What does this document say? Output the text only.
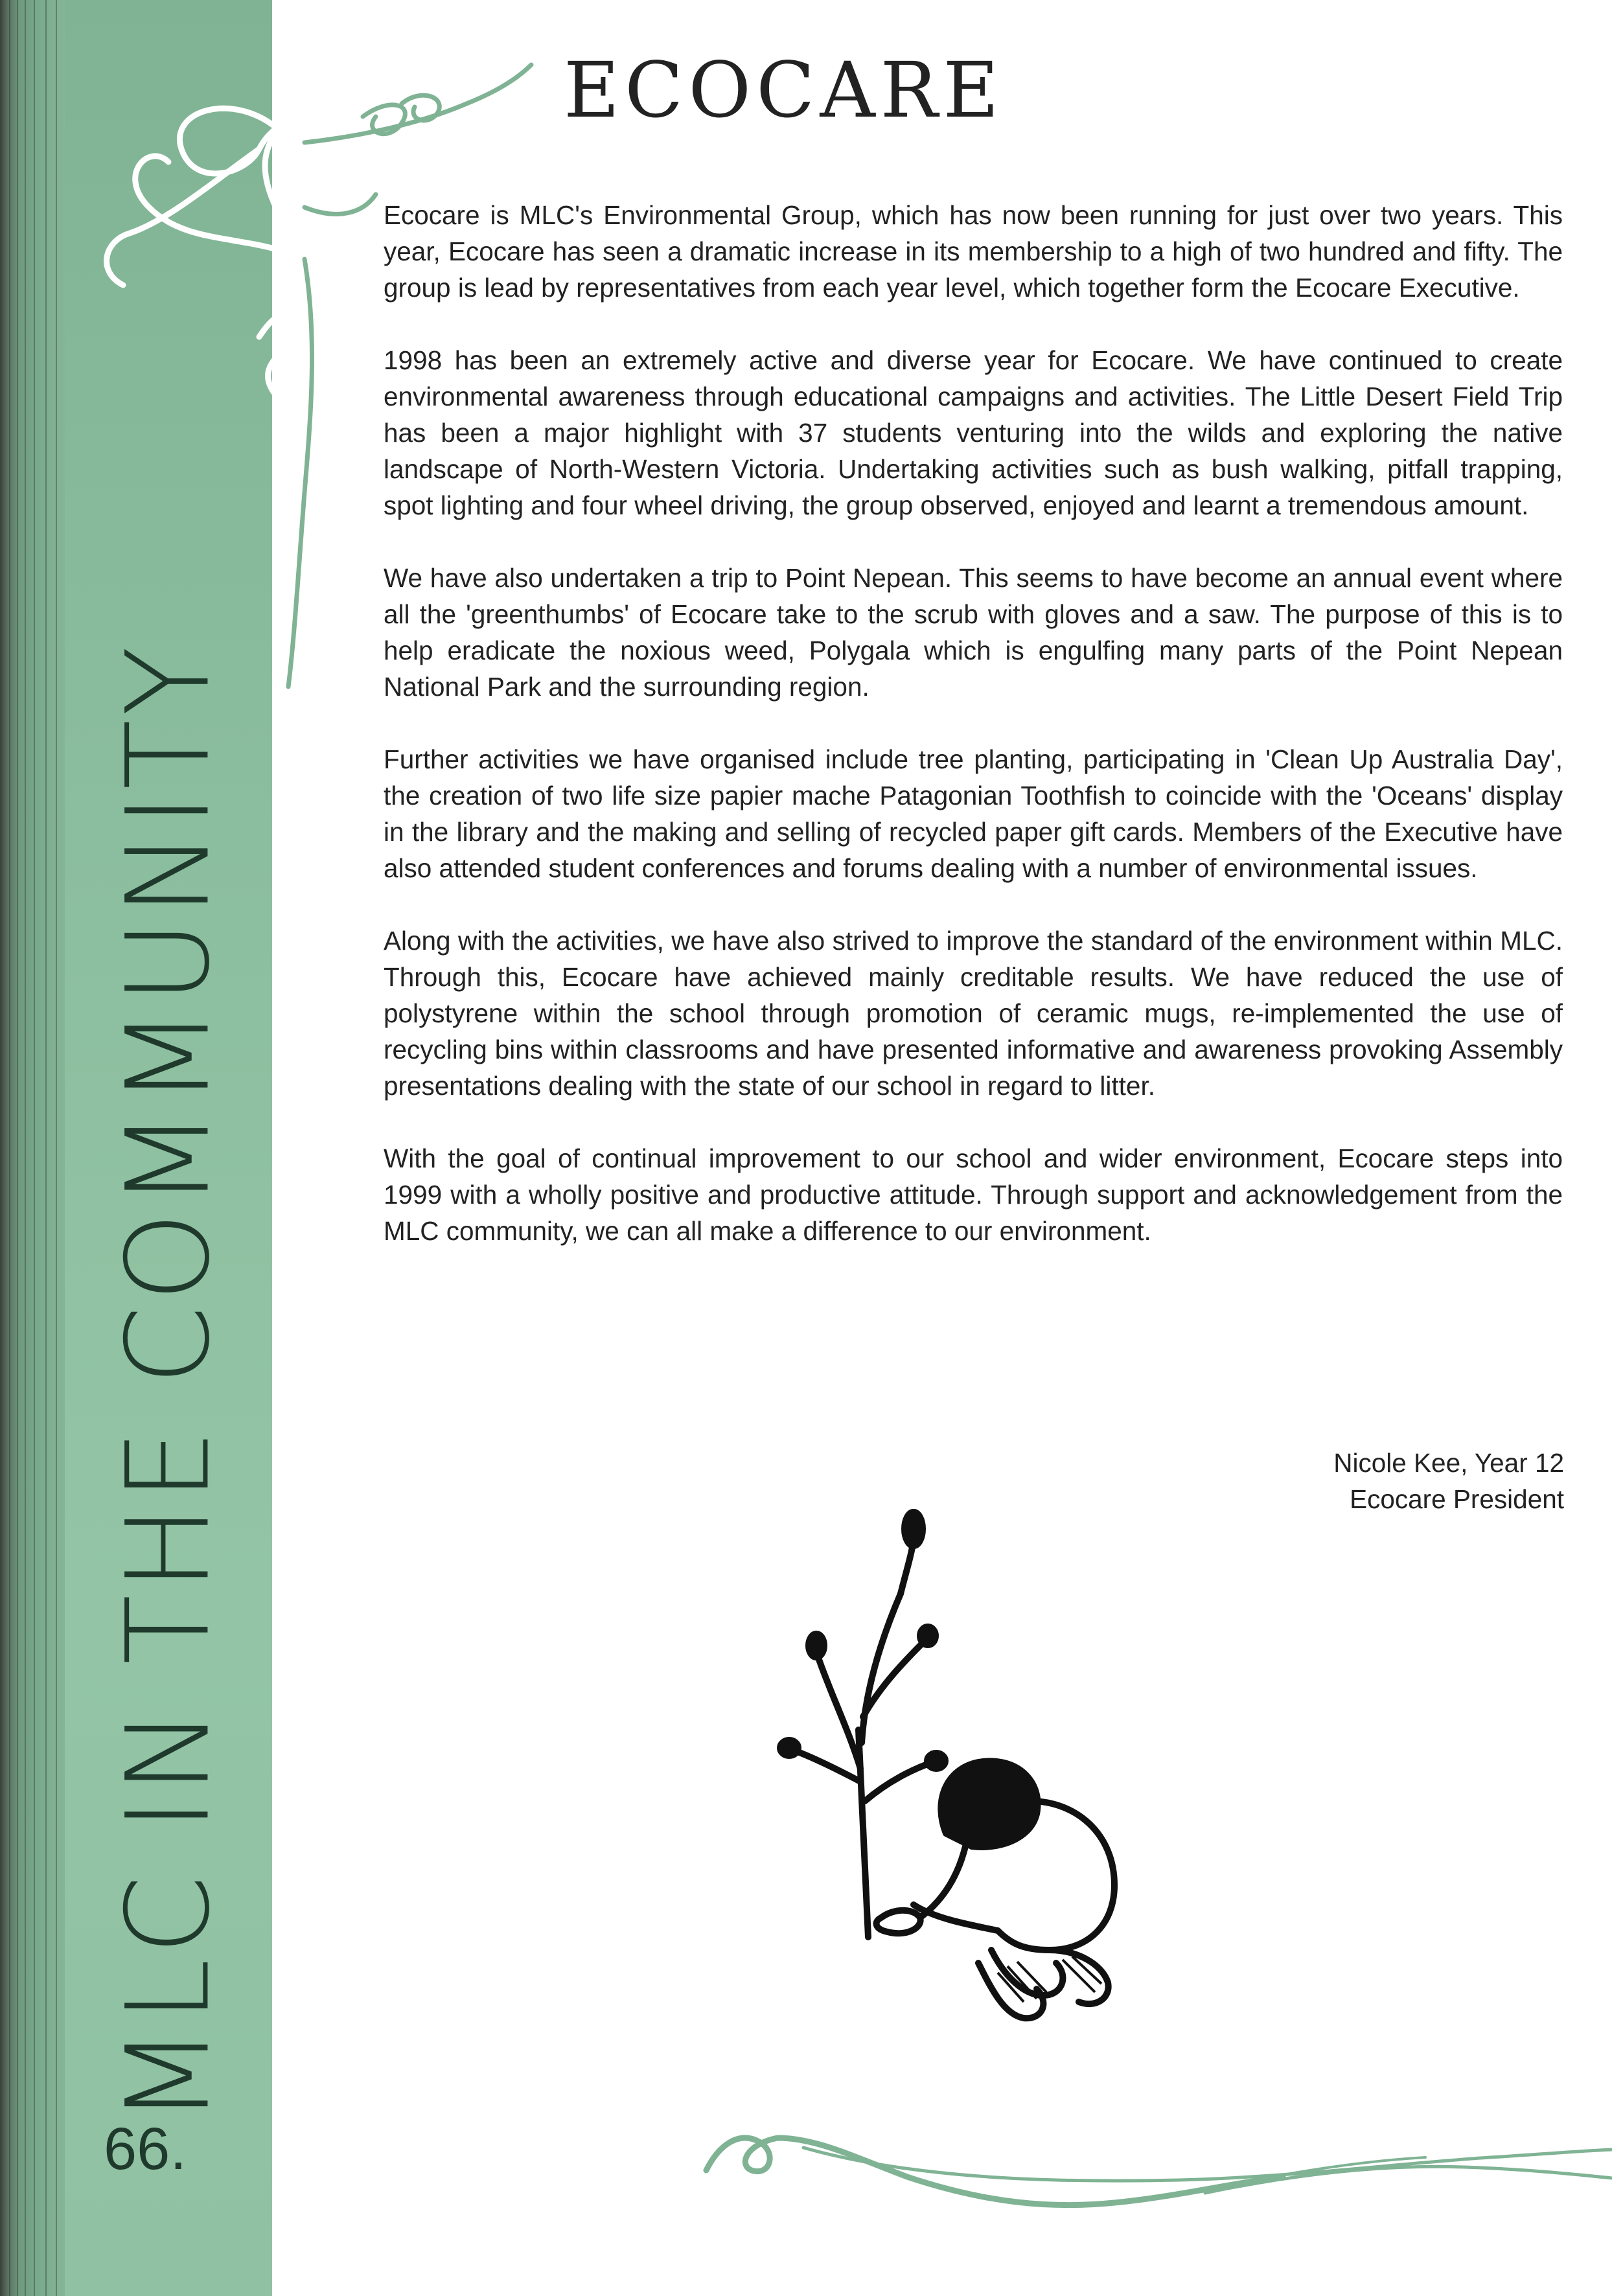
MLC IN THE COMMUNITY
66.
ECOCARE

Ecocare is MLC's Environmental Group, which has now been running for just over two years. This year, Ecocare has seen a dramatic increase in its membership to a high of two hundred and fifty. The group is lead by representatives from each year level, which together form the Ecocare Executive.

1998 has been an extremely active and diverse year for Ecocare. We have continued to create environmental awareness through educational campaigns and activities. The Little Desert Field Trip has been a major highlight with 37 students venturing into the wilds and exploring the native landscape of North-Western Victoria. Undertaking activities such as bush walking, pitfall trapping, spot lighting and four wheel driving, the group observed, enjoyed and learnt a tremendous amount.

We have also undertaken a trip to Point Nepean. This seems to have become an annual event where all the 'greenthumbs' of Ecocare take to the scrub with gloves and a saw. The purpose of this is to help eradicate the noxious weed, Polygala which is engulfing many parts of the Point Nepean National Park and the surrounding region.

Further activities we have organised include tree planting, participating in 'Clean Up Australia Day', the creation of two life size papier mache Patagonian Toothfish to coincide with the 'Oceans' display in the library and the making and selling of recycled paper gift cards. Members of the Executive have also attended student conferences and forums dealing with a number of environmental issues.

Along with the activities, we have also strived to improve the standard of the environment within MLC. Through this, Ecocare have achieved mainly creditable results. We have reduced the use of polystyrene within the school through promotion of ceramic mugs, re-implemented the use of recycling bins within classrooms and have presented informative and awareness provoking Assembly presentations dealing with the state of our school in regard to litter.

With the goal of continual improvement to our school and wider environment, Ecocare steps into 1999 with a wholly positive and productive attitude. Through support and acknowledgement from the MLC community, we can all make a difference to our environment.

Nicole Kee, Year 12
Ecocare President
